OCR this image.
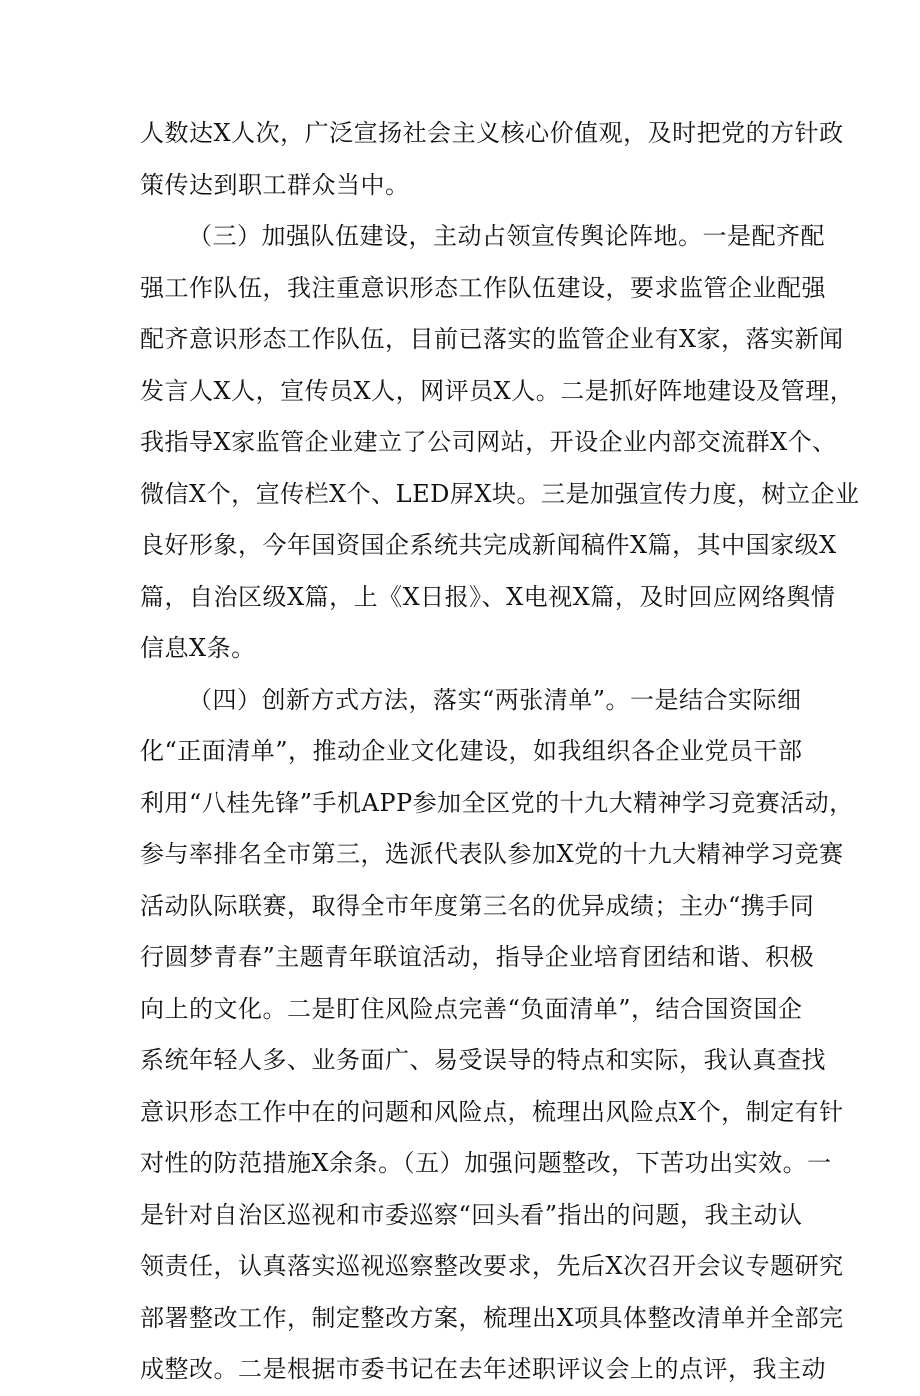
人数达X人次，广泛宣扬社会主义核心价值观，及时把党的方针政
策传达到职工群众当中。
（三）加强队伍建设，主动占领宣传舆论阵地。一是配齐配
强工作队伍，我注重意识形态工作队伍建设，要求监管企业配强
配齐意识形态工作队伍，目前已落实的监管企业有X家，落实新闻
发言人X人，宣传员X人，网评员X人。二是抓好阵地建设及管理，
我指导X家监管企业建立了公司网站，开设企业内部交流群X个、
微信X个，宣传栏X个、LED屏X块。三是加强宣传力度，树立企业
良好形象，今年国资国企系统共完成新闻稿件X篇，其中国家级X
篇，自治区级X篇，上《X日报》、X电视X篇，及时回应网络舆情
信息X条。
（四）创新方式方法，落实“两张清单”。一是结合实际细
化“正面清单”，推动企业文化建设，如我组织各企业党员干部
利用“八桂先锋”手机APP参加全区党的十九大精神学习竞赛活动，
参与率排名全市第三，选派代表队参加X党的十九大精神学习竞赛
活动队际联赛，取得全市年度第三名的优异成绩；主办“携手同
行圆梦青春”主题青年联谊活动，指导企业培育团结和谐、积极
向上的文化。二是盯住风险点完善“负面清单”，结合国资国企
系统年轻人多、业务面广、易受误导的特点和实际，我认真查找
意识形态工作中在的问题和风险点，梳理出风险点X个，制定有针
对性的防范措施X余条。（五）加强问题整改，下苦功出实效。一
是针对自治区巡视和市委巡察“回头看”指出的问题，我主动认
领责任，认真落实巡视巡察整改要求，先后X次召开会议专题研究
部署整改工作，制定整改方案，梳理出X项具体整改清单并全部完
成整改。二是根据市委书记在去年述职评议会上的点评，我主动
